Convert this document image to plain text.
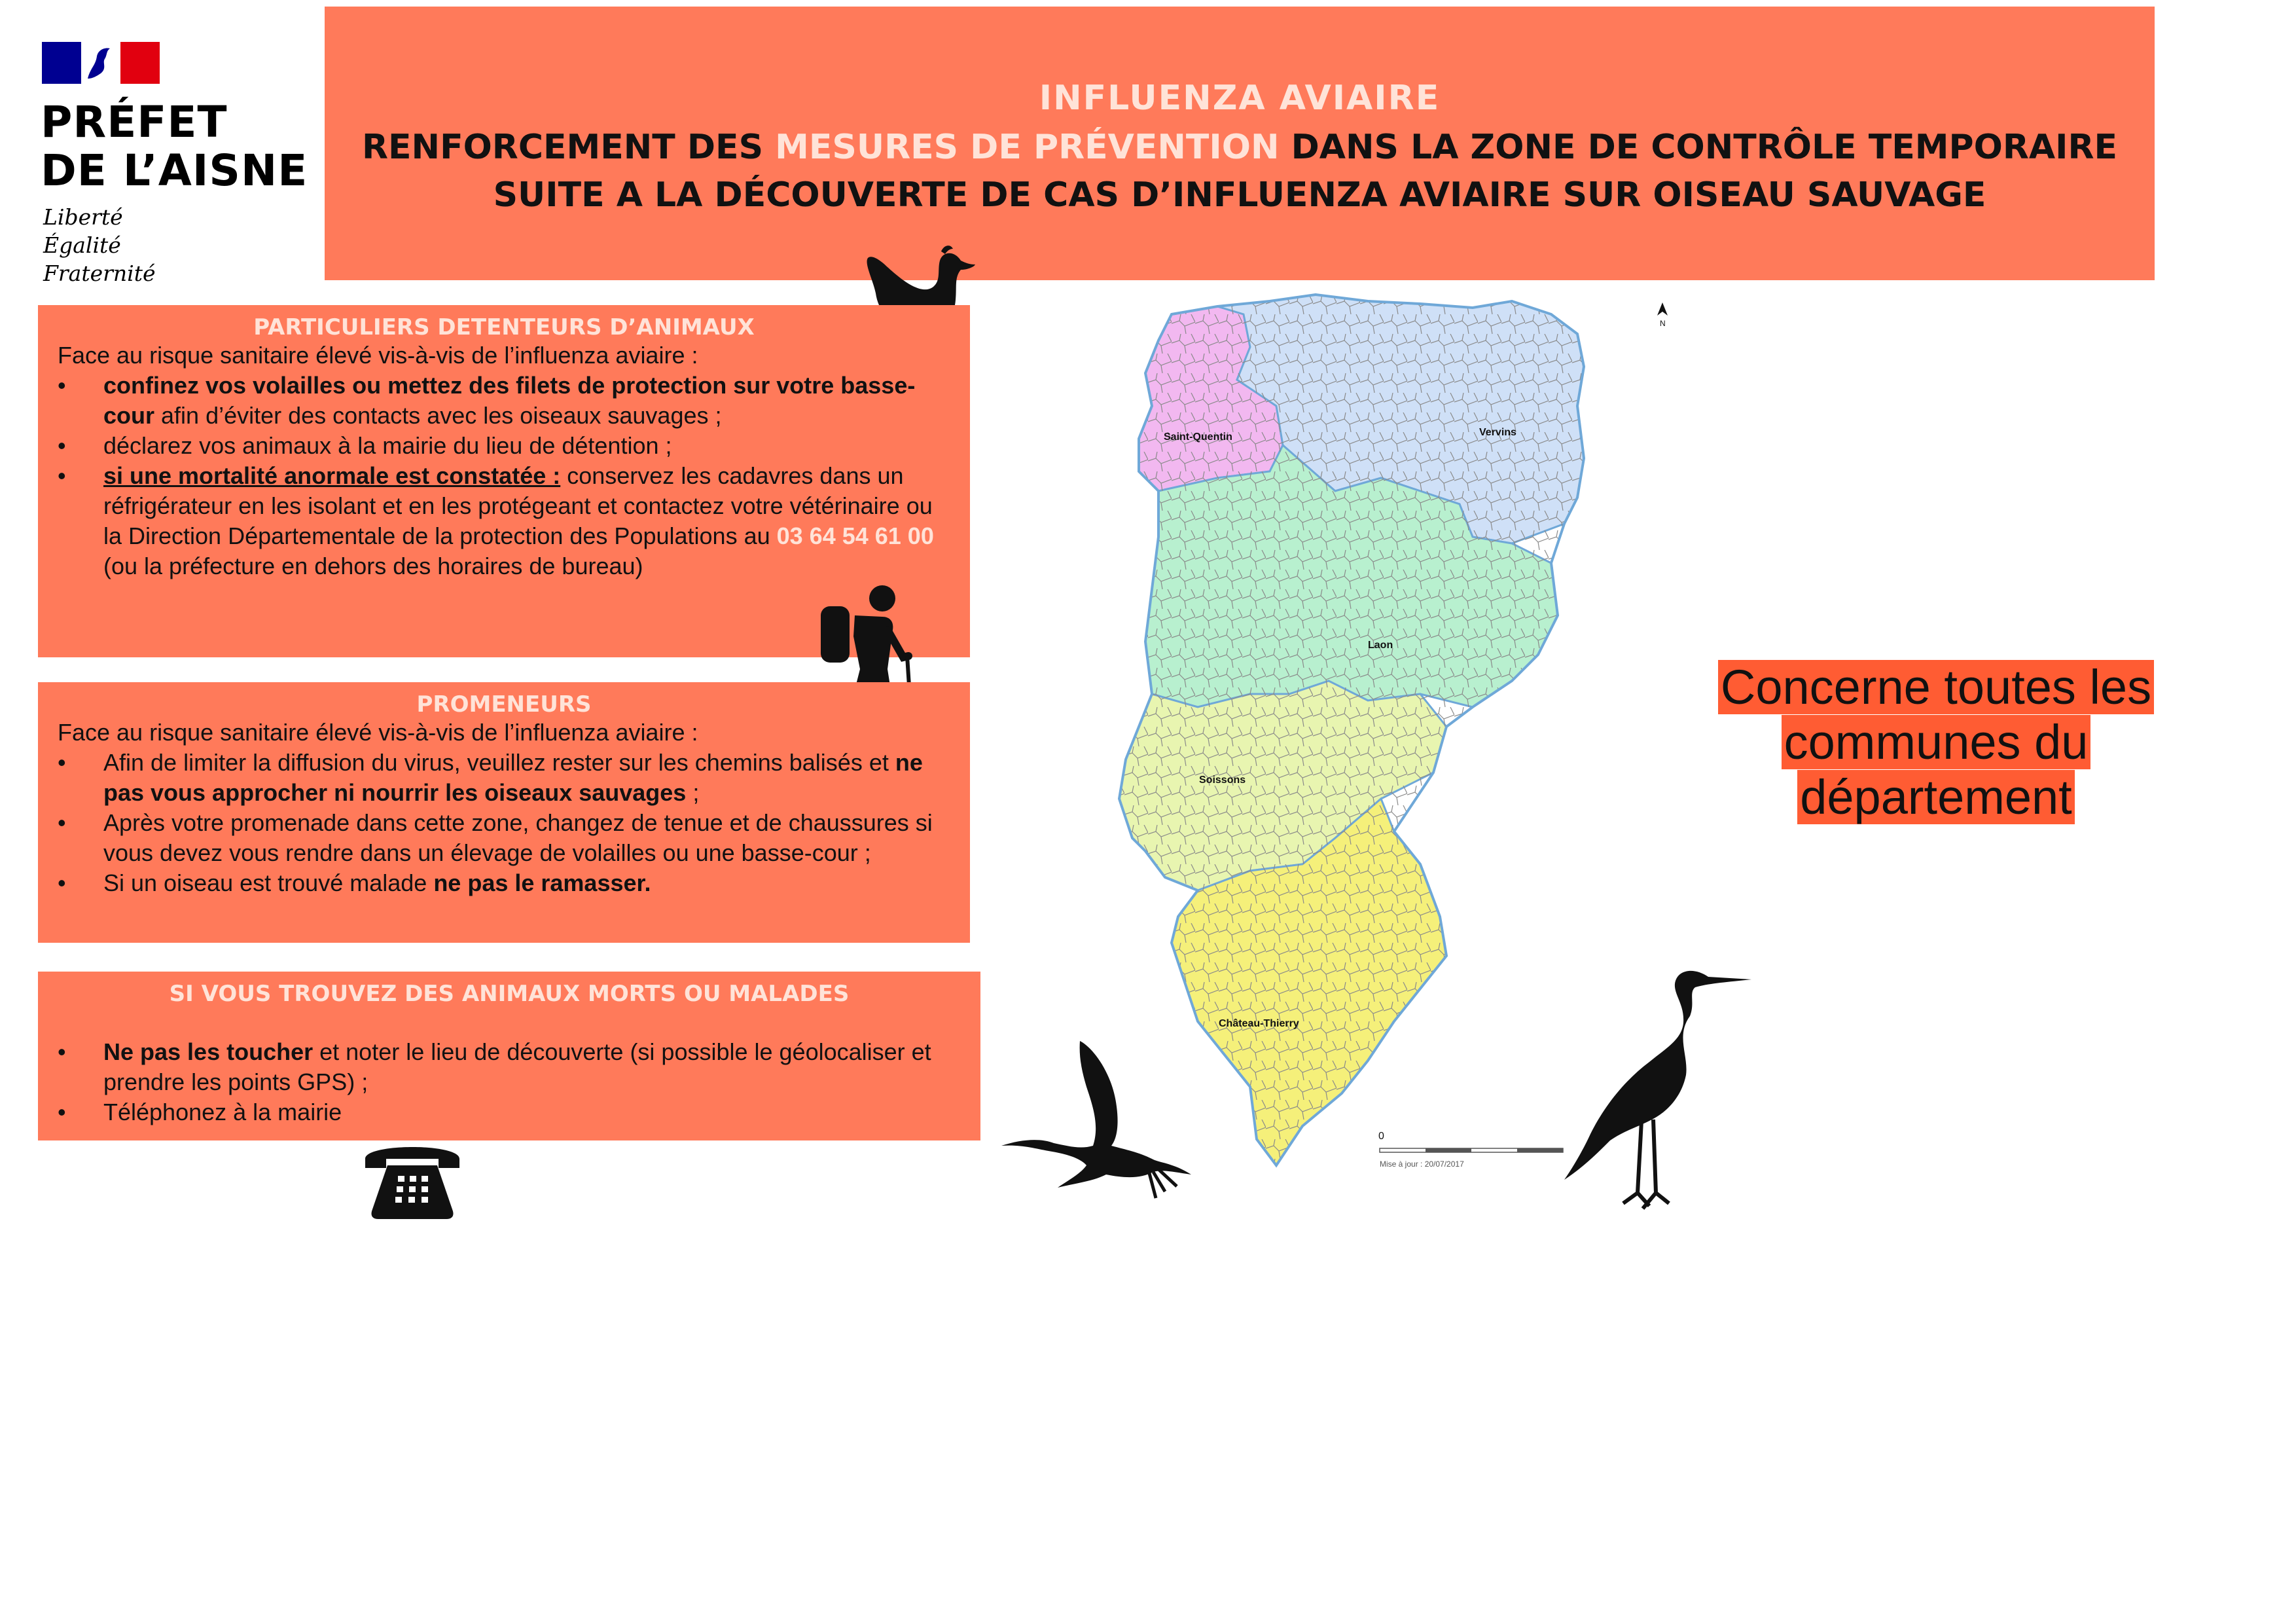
PRÉFET
DE L’AISNE
Liberté
Égalité
Fraternité
INFLUENZA AVIAIRE
RENFORCEMENT DES MESURES DE PRÉVENTION DANS LA ZONE DE CONTRÔLE TEMPORAIRE
SUITE A LA DÉCOUVERTE DE CAS D’INFLUENZA AVIAIRE SUR OISEAU SAUVAGE
PARTICULIERS DETENTEURS D’ANIMAUX

Face au risque sanitaire élevé vis-à-vis de l’influenza aviaire :

• confinez vos volailles ou mettez des filets de protection sur votre basse-cour afin d’éviter des contacts avec les oiseaux sauvages ;
• déclarez vos animaux à la mairie du lieu de détention ;
• si une mortalité anormale est constatée : conservez les cadavres dans un réfrigérateur en les isolant et en les protégeant et contactez votre vétérinaire ou la Direction Départementale de la protection des Populations au 03 64 54 61 00 (ou la préfecture en dehors des horaires de bureau)
PROMENEURS

Face au risque sanitaire élevé vis-à-vis de l’influenza aviaire :

• Afin de limiter la diffusion du virus, veuillez rester sur les chemins balisés et ne pas vous approcher ni nourrir les oiseaux sauvages ;
• Après votre promenade dans cette zone, changez de tenue et de chaussures si vous devez vous rendre dans un élevage de volailles ou une basse-cour ;
• Si un oiseau est trouvé malade ne pas le ramasser.
SI VOUS TROUVEZ DES ANIMAUX MORTS OU MALADES
• Ne pas les toucher et noter le lieu de découverte (si possible le géolocaliser et prendre les points GPS) ;
• Téléphonez à la mairie
Saint-Quentin	Vervins
Laon
Soissons
Château-Thierry
N
0
Mise à jour : 20/07/2017
Concerne toutes les communes du département
